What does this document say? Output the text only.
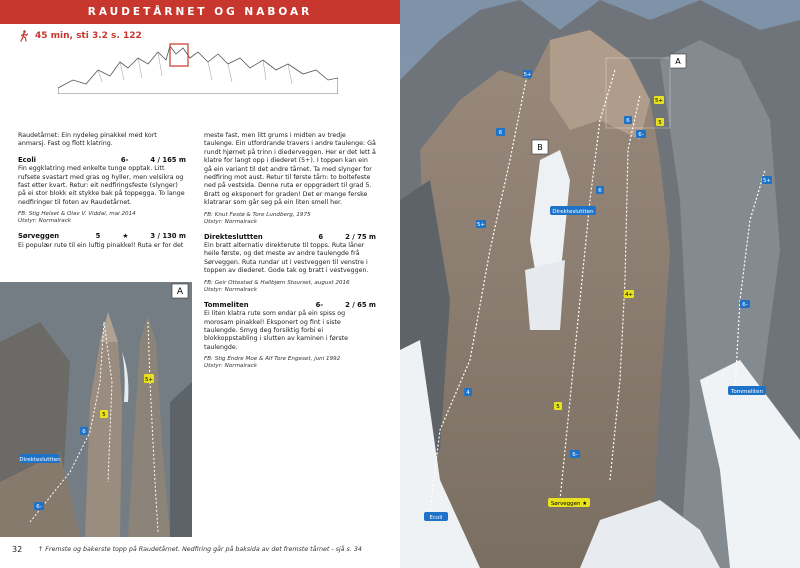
RAUDETÅRNET OG NABOAR
45 min, sti 3.2 s. 122

Raudetårnet: Ein nydeleg pinakkel med kort anmarsj. Fast og flott klatring.

Ecoli	6-	4 / 165 m

Fin eggklatring med enkelte tunge opptak. Litt rufsete svastart med gras og hyller, men velsikra og fast etter kvart. Retur: eit nedfiringsfeste (slynger) på ei stor blokk eit stykke bak på toppegga. To lange nedfiringer til foten av Raudetårnet.

FB: Stig Helset & Olav V. Viddal, mai 2014
Utstyr: Normalrack
Sørveggen	5	★	3 / 130 m

Ei populær rute til ein luftig pinakkel! Ruta er for det

meste fast, men litt grums i midten av tredje taulenge. Ein utfordrande travers i andre taulenge: Gå rundt hjørnet på trinn i diederveggen. Her er det lett å klatre for langt opp i diederet (5+). I toppen kan ein gå ein variant til det andre tårnet. Ta med slynger for nedfiring mot aust. Retur til første tårn: to boltefeste ned på vestsida. Denne ruta er oppgradert til grad 5. Bratt og eksponert for graden! Det er mange ferske klatrarar som går seg på ein liten smell her.

FB: Knut Festø & Tore Lundberg, 1975
Utstyr: Normalrack
Direktesluttten	6	2 / 75 m

Ein bratt alternativ direkterute til topps. Ruta låner heile første, og det meste av andre taulengde frå Sørveggen. Ruta rundar ut i vestveggen til venstre i toppen av diederet. Gode tak og bratt i vestveggen.

FB: Geir Ottestad & Hallbjørn Stourset, august 2016
Utstyr: Normalrack
Tommeliten	6-	2 / 65 m

Ei liten klatra rute som endar på ein spiss og morosam pinakkel! Eksponert og fint i siste taulengde. Smyg deg forsiktig forbi ei blokkoppstabling i slutten av kaminen i første taulengde.

FB: Stig Endre Moe & Alf Tore Engeset, juni 1992
Utstyr: Normalrack
A
Direktesluttten
6
5+
5
6-
32	↑ Fremste og bakerste topp på Raudetårnet. Nedfiring går på baksida av det fremste tårnet - sjå s. 34
A
B
Direktesluttten
Tommeliten
Ecoli
Sørveggen ★
5+
6
5+
4
5+
5
6
6-
4+
6
5
6-
6-
5+
